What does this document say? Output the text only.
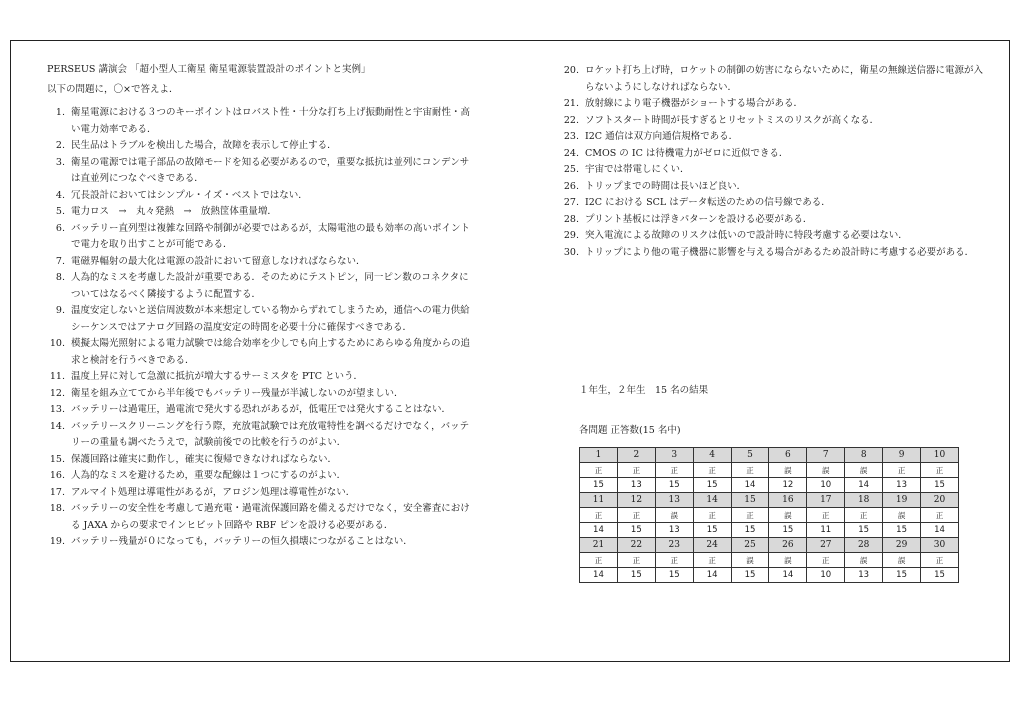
PERSEUS 講演会 「超小型人工衛星 衛星電源装置設計のポイントと実例」
以下の問題に，〇×で答えよ．
1. 衛星電源における３つのキーポイントはロバスト性・十分な打ち上げ振動耐性と宇宙耐性・高い電力効率である．
2. 民生品はトラブルを検出した場合，故障を表示して停止する．
3. 衛星の電源では電子部品の故障モードを知る必要があるので，重要な抵抗は並列にコンデンサは直並列につなぐべきである．
4. 冗長設計においてはシンプル・イズ・ベストではない．
5. 電力ロス　→　丸々発熱　→　放熱筐体重量増．
6. バッテリー直列型は複雑な回路や制御が必要ではあるが，太陽電池の最も効率の高いポイントで電力を取り出すことが可能である．
7. 電磁界輻射の最大化は電源の設計において留意しなければならない．
8. 人為的なミスを考慮した設計が重要である．そのためにテストピン，同一ピン数のコネクタについてはなるべく隣接するように配置する．
9. 温度安定しないと送信周波数が本来想定している物からずれてしまうため，通信への電力供給シーケンスではアナログ回路の温度安定の時間を必要十分に確保すべきである．
10. 模擬太陽光照射による電力試験では総合効率を少しでも向上するためにあらゆる角度からの追求と検討を行うべきである．
11. 温度上昇に対して急激に抵抗が増大するサーミスタを PTC という．
12. 衛星を組み立ててから半年後でもバッテリー残量が半減しないのが望ましい．
13. バッテリーは過電圧，過電流で発火する恐れがあるが，低電圧では発火することはない．
14. バッテリースクリーニングを行う際，充放電試験では充放電特性を調べるだけでなく，バッテリーの重量も調べたうえで，試験前後での比較を行うのがよい．
15. 保護回路は確実に動作し，確実に復帰できなければならない．
16. 人為的なミスを避けるため，重要な配線は１つにするのがよい．
17. アルマイト処理は導電性があるが，アロジン処理は導電性がない．
18. バッテリーの安全性を考慮して過充電・過電流保護回路を備えるだけでなく，安全審査における JAXA からの要求でインヒビット回路や RBF ピンを設ける必要がある．
19. バッテリー残量が０になっても，バッテリーの恒久損壊につながることはない．
20. ロケット打ち上げ時，ロケットの制御の妨害にならないために，衛星の無線送信器に電源が入らないようにしなければならない．
21. 放射線により電子機器がショートする場合がある．
22. ソフトスタート時間が長すぎるとリセットミスのリスクが高くなる．
23. I2C 通信は双方向通信規格である．
24. CMOS の IC は待機電力がゼロに近似できる．
25. 宇宙では帯電しにくい．
26. トリップまでの時間は長いほど良い．
27. I2C における SCL はデータ転送のための信号線である．
28. プリント基板には浮きパターンを設ける必要がある．
29. 突入電流による故障のリスクは低いので設計時に特段考慮する必要はない．
30. トリップにより他の電子機器に影響を与える場合があるため設計時に考慮する必要がある．
１年生，２年生　15 名の結果
各問題 正答数(15 名中)
1	2	3	4	5	6	7	8	9	10
正	正	正	正	正	誤	誤	誤	正	正
15	13	15	15	14	12	10	14	13	15
11	12	13	14	15	16	17	18	19	20
正	正	誤	正	正	誤	正	正	誤	正
14	15	13	15	15	15	11	15	15	14
21	22	23	24	25	26	27	28	29	30
正	正	正	正	誤	誤	正	誤	誤	正
14	15	15	14	15	14	10	13	15	15
